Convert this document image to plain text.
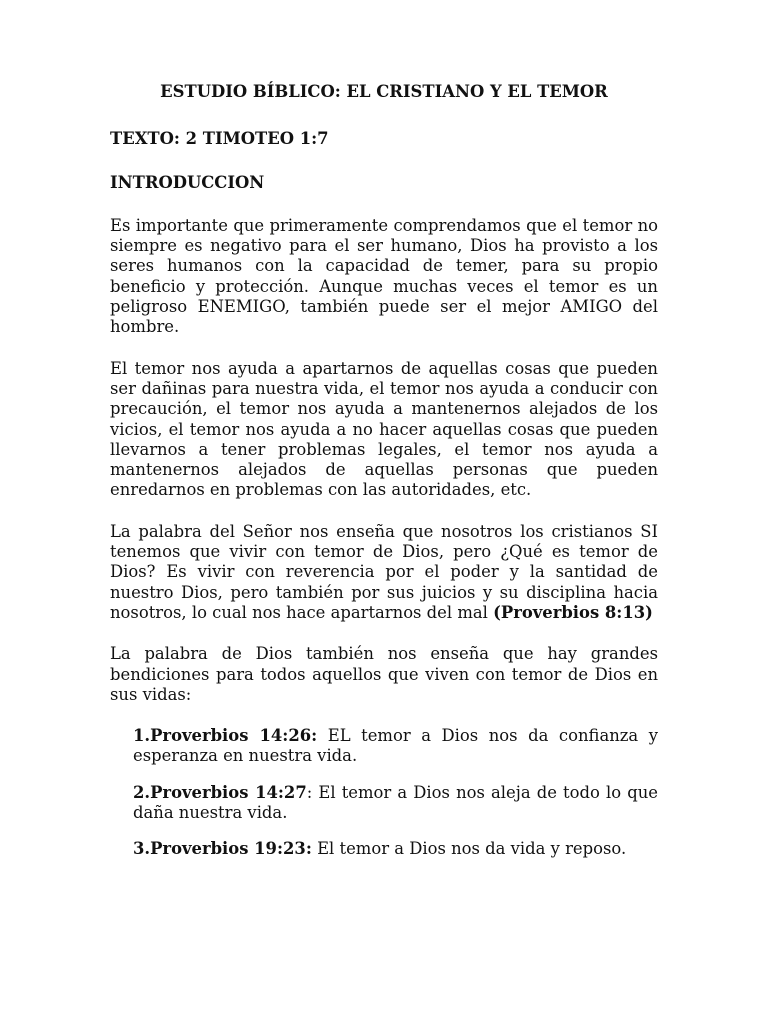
ESTUDIO BÍBLICO: EL CRISTIANO Y EL TEMOR

TEXTO: 2 TIMOTEO 1:7

INTRODUCCION

Es importante que primeramente comprendamos que el temor no siempre es negativo para el ser humano, Dios ha provisto a los seres humanos con la capacidad de temer, para su propio beneficio y protección. Aunque muchas veces el temor es un peligroso ENEMIGO, también puede ser el mejor AMIGO del hombre.

El temor nos ayuda a apartarnos de aquellas cosas que pueden ser dañinas para nuestra vida, el temor nos ayuda a conducir con precaución, el temor nos ayuda a mantenernos alejados de los vicios, el temor nos ayuda a no hacer aquellas cosas que pueden llevarnos a tener problemas legales, el temor nos ayuda a mantenernos alejados de aquellas personas que pueden enredarnos en problemas con las autoridades, etc.

La palabra del Señor nos enseña que nosotros los cristianos SI tenemos que vivir con temor de Dios, pero ¿Qué es temor de Dios? Es vivir con reverencia por el poder y la santidad de nuestro Dios, pero también por sus juicios y su disciplina hacia nosotros, lo cual nos hace apartarnos del mal (Proverbios 8:13)

La palabra de Dios también nos enseña que hay grandes bendiciones para todos aquellos que viven con temor de Dios en sus vidas:

1.Proverbios 14:26: EL temor a Dios nos da confianza y esperanza en nuestra vida.
2.Proverbios 14:27: El temor a Dios nos aleja de todo lo que daña nuestra vida.
3.Proverbios 19:23: El temor a Dios nos da vida y reposo.
